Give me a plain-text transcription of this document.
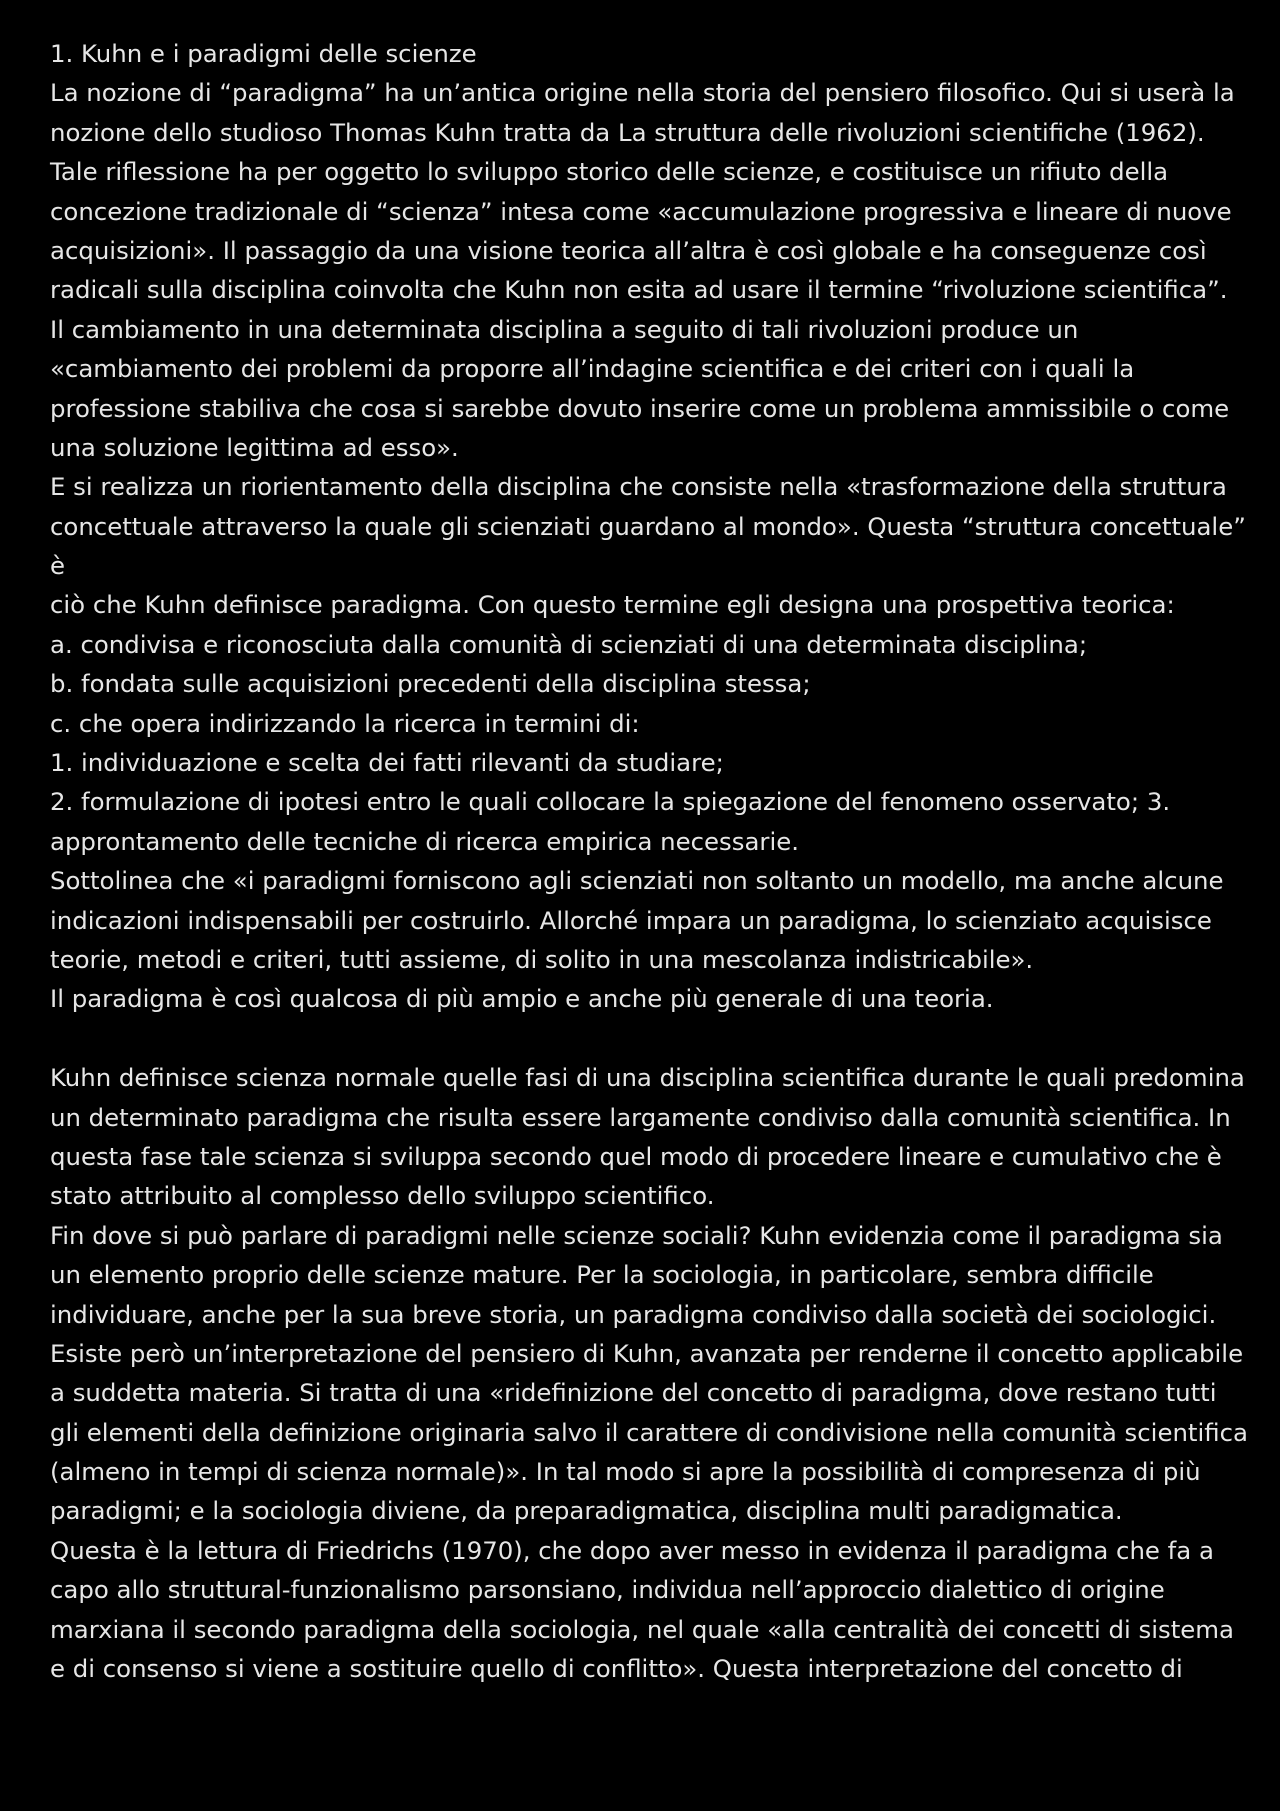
1. Kuhn e i paradigmi delle scienze
La nozione di “paradigma” ha un’antica origine nella storia del pensiero filosofico. Qui si userà la
nozione dello studioso Thomas Kuhn tratta da La struttura delle rivoluzioni scientifiche (1962).
Tale riflessione ha per oggetto lo sviluppo storico delle scienze, e costituisce un rifiuto della
concezione tradizionale di “scienza” intesa come «accumulazione progressiva e lineare di nuove
acquisizioni». Il passaggio da una visione teorica all’altra è così globale e ha conseguenze così
radicali sulla disciplina coinvolta che Kuhn non esita ad usare il termine “rivoluzione scientifica”.
Il cambiamento in una determinata disciplina a seguito di tali rivoluzioni produce un
«cambiamento dei problemi da proporre all’indagine scientifica e dei criteri con i quali la
professione stabiliva che cosa si sarebbe dovuto inserire come un problema ammissibile o come
una soluzione legittima ad esso».
E si realizza un riorientamento della disciplina che consiste nella «trasformazione della struttura
concettuale attraverso la quale gli scienziati guardano al mondo». Questa “struttura concettuale”
è
ciò che Kuhn definisce paradigma. Con questo termine egli designa una prospettiva teorica:
a. condivisa e riconosciuta dalla comunità di scienziati di una determinata disciplina;
b. fondata sulle acquisizioni precedenti della disciplina stessa;
c. che opera indirizzando la ricerca in termini di:
1. individuazione e scelta dei fatti rilevanti da studiare;
2. formulazione di ipotesi entro le quali collocare la spiegazione del fenomeno osservato; 3.
approntamento delle tecniche di ricerca empirica necessarie.
Sottolinea che «i paradigmi forniscono agli scienziati non soltanto un modello, ma anche alcune
indicazioni indispensabili per costruirlo. Allorché impara un paradigma, lo scienziato acquisisce
teorie, metodi e criteri, tutti assieme, di solito in una mescolanza indistricabile».
Il paradigma è così qualcosa di più ampio e anche più generale di una teoria.
Kuhn definisce scienza normale quelle fasi di una disciplina scientifica durante le quali predomina
un determinato paradigma che risulta essere largamente condiviso dalla comunità scientifica. In
questa fase tale scienza si sviluppa secondo quel modo di procedere lineare e cumulativo che è
stato attribuito al complesso dello sviluppo scientifico.
Fin dove si può parlare di paradigmi nelle scienze sociali? Kuhn evidenzia come il paradigma sia
un elemento proprio delle scienze mature. Per la sociologia, in particolare, sembra difficile
individuare, anche per la sua breve storia, un paradigma condiviso dalla società dei sociologici.
Esiste però un’interpretazione del pensiero di Kuhn, avanzata per renderne il concetto applicabile
a suddetta materia. Si tratta di una «ridefinizione del concetto di paradigma, dove restano tutti
gli elementi della definizione originaria salvo il carattere di condivisione nella comunità scientifica
(almeno in tempi di scienza normale)». In tal modo si apre la possibilità di compresenza di più
paradigmi; e la sociologia diviene, da preparadigmatica, disciplina multi paradigmatica.
Questa è la lettura di Friedrichs (1970), che dopo aver messo in evidenza il paradigma che fa a
capo allo struttural-funzionalismo parsonsiano, individua nell’approccio dialettico di origine
marxiana il secondo paradigma della sociologia, nel quale «alla centralità dei concetti di sistema
e di consenso si viene a sostituire quello di conflitto». Questa interpretazione del concetto di
